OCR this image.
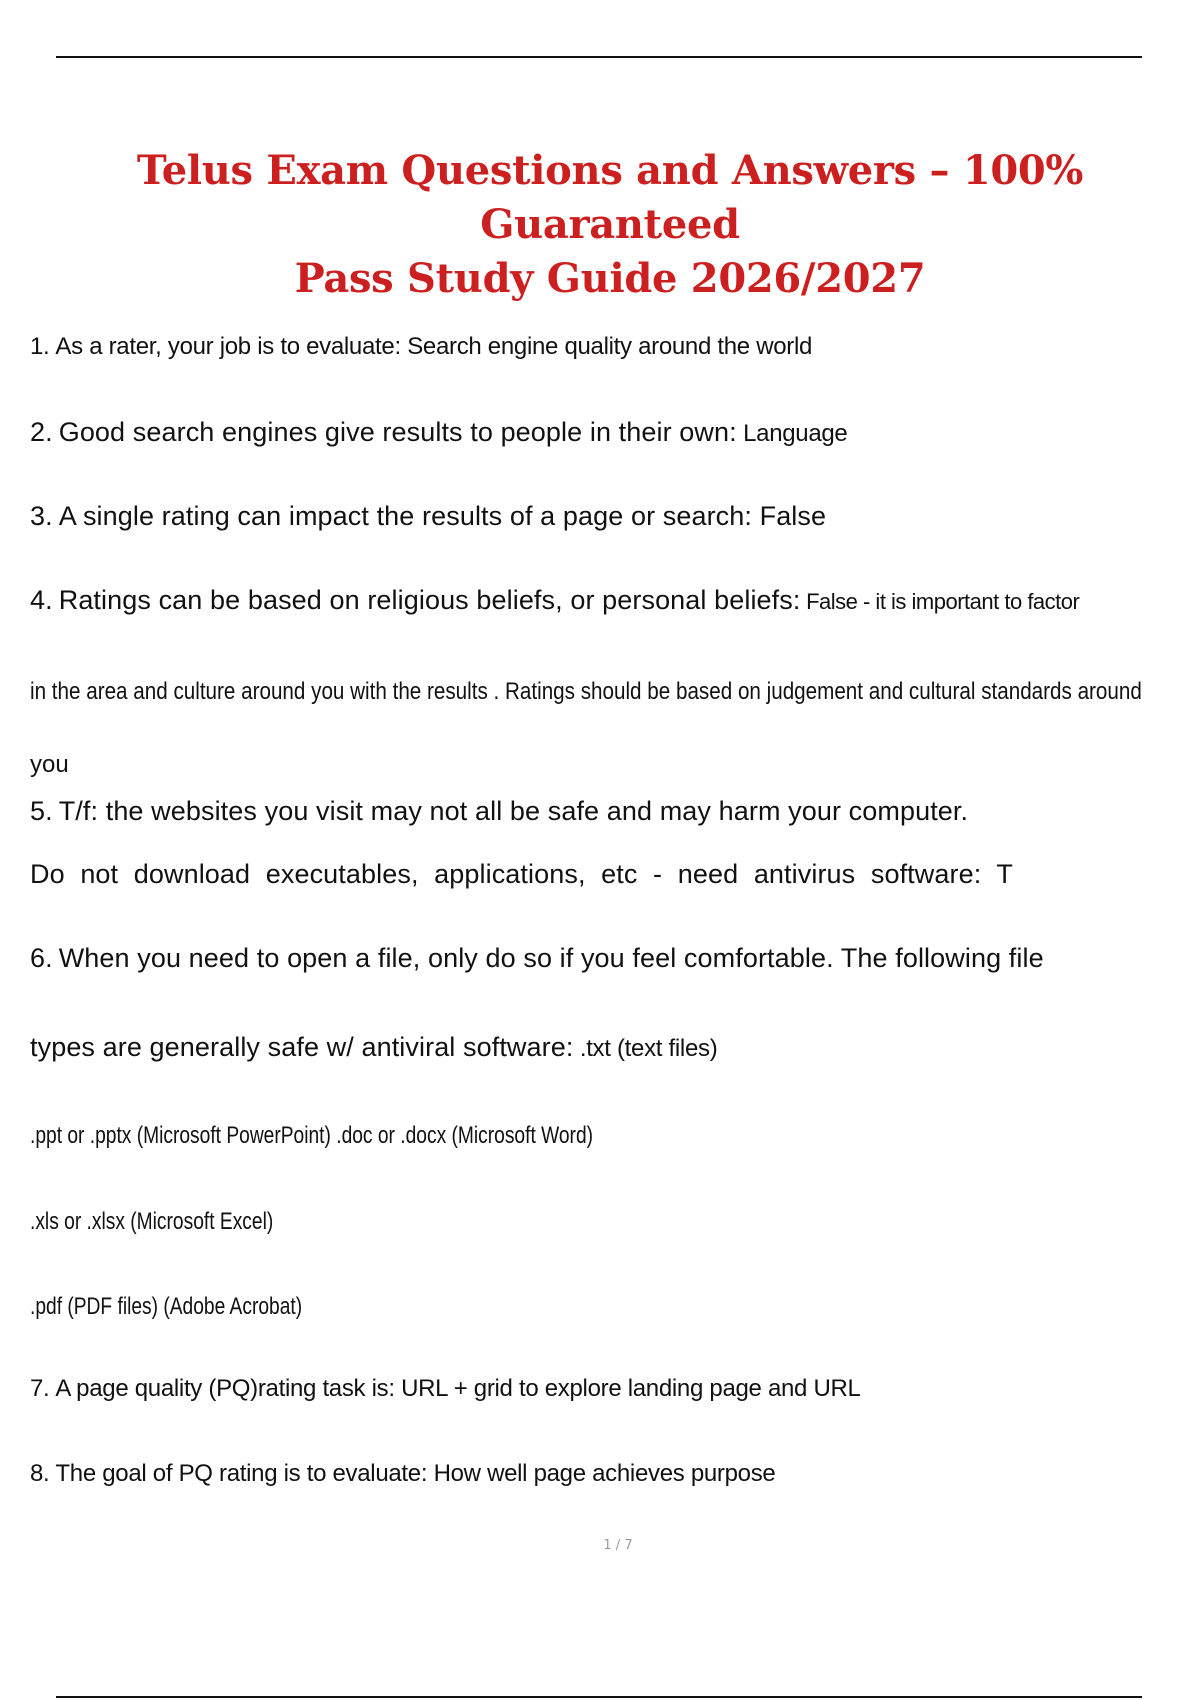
Telus Exam Questions and Answers – 100% Guaranteed
Pass Study Guide 2026/2027

1. As a rater, your job is to evaluate: Search engine quality around the world

2. Good search engines give results to people in their own: Language

3. A single rating can impact the results of a page or search: False

4. Ratings can be based on religious beliefs, or personal beliefs: False - it is important to factor

in the area and culture around you with the results . Ratings should be based on judgement and cultural standards around

you

5. T/f: the websites you visit may not all be safe and may harm your computer.

Do not download executables, applications, etc - need antivirus software: T

6. When you need to open a file, only do so if you feel comfortable. The following file

types are generally safe w/ antiviral software: .txt (text files)

.ppt or .pptx (Microsoft PowerPoint) .doc or .docx (Microsoft Word)

.xls or .xlsx (Microsoft Excel)

.pdf (PDF files) (Adobe Acrobat)

7. A page quality (PQ)rating task is: URL + grid to explore landing page and URL

8. The goal of PQ rating is to evaluate: How well page achieves purpose

1 / 7
